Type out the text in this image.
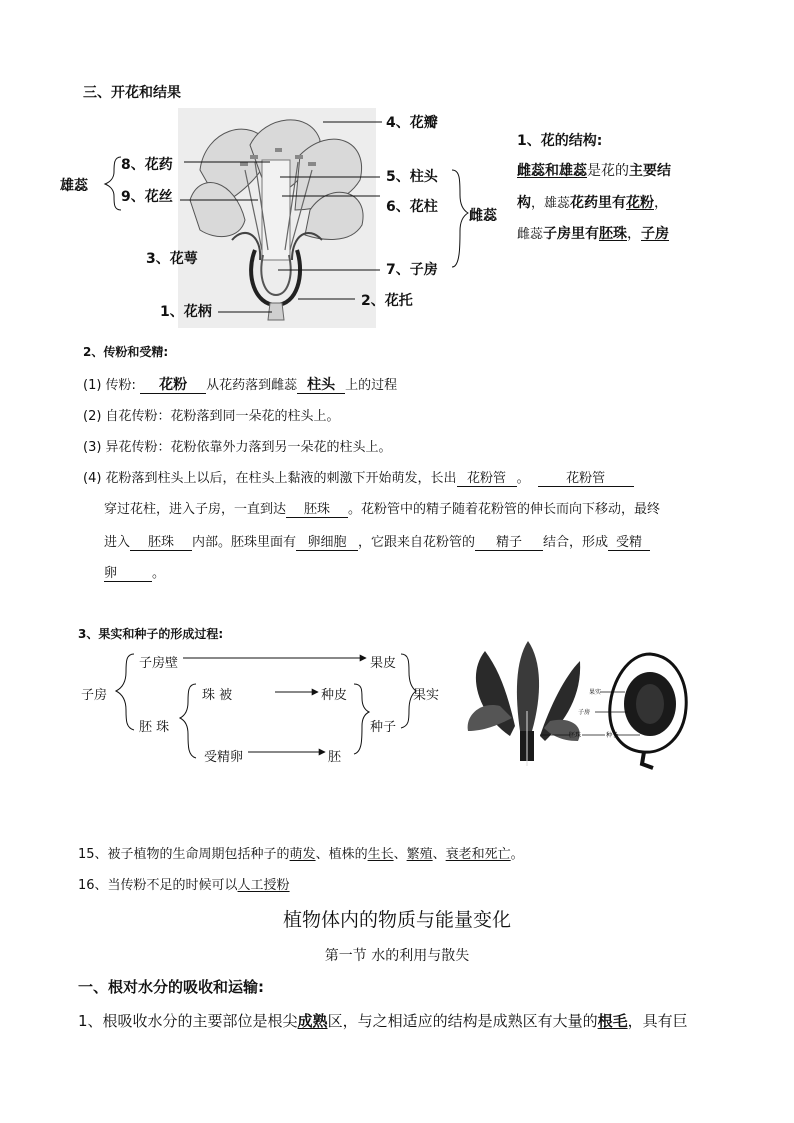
三、开花和结果
4、花瓣
8、花药
5、柱头
雄蕊
9、花丝
6、花柱
雌蕊
3、花萼
7、子房
2、花托
1、花柄
1、花的结构:
雌蕊和雄蕊是花的主要结
构，雄蕊花药里有花粉，
雌蕊子房里有胚珠，子房
2、传粉和受精:
(1) 传粉: 花粉 从花药落到雌蕊 柱头 上的过程
(2) 自花传粉：花粉落到同一朵花的柱头上。
(3) 异花传粉：花粉依靠外力落到另一朵花的柱头上。
(4) 花粉落到柱头上以后，在柱头上黏液的刺激下开始萌发，长出 花粉管 。	花粉管
穿过花柱，进入子房，一直到达 胚珠 。花粉管中的精子随着花粉管的伸长而向下移动，最终
进入 胚珠 内部。胚珠里面有 卵细胞 ，它跟来自花粉管的 精子 结合，形成 受精
卵	。
3、果实和种子的形成过程:
子房壁	果皮
子房	珠 被	种皮	果实
胚 珠	种子
受精卵	胚
果实
子房
胚珠	种子
15、被子植物的生命周期包括种子的萌发、植株的生长、繁殖、衰老和死亡。
16、当传粉不足的时候可以人工授粉
植物体内的物质与能量变化
第一节 水的利用与散失
一、根对水分的吸收和运输:
1、根吸收水分的主要部位是根尖成熟区，与之相适应的结构是成熟区有大量的根毛，具有巨
